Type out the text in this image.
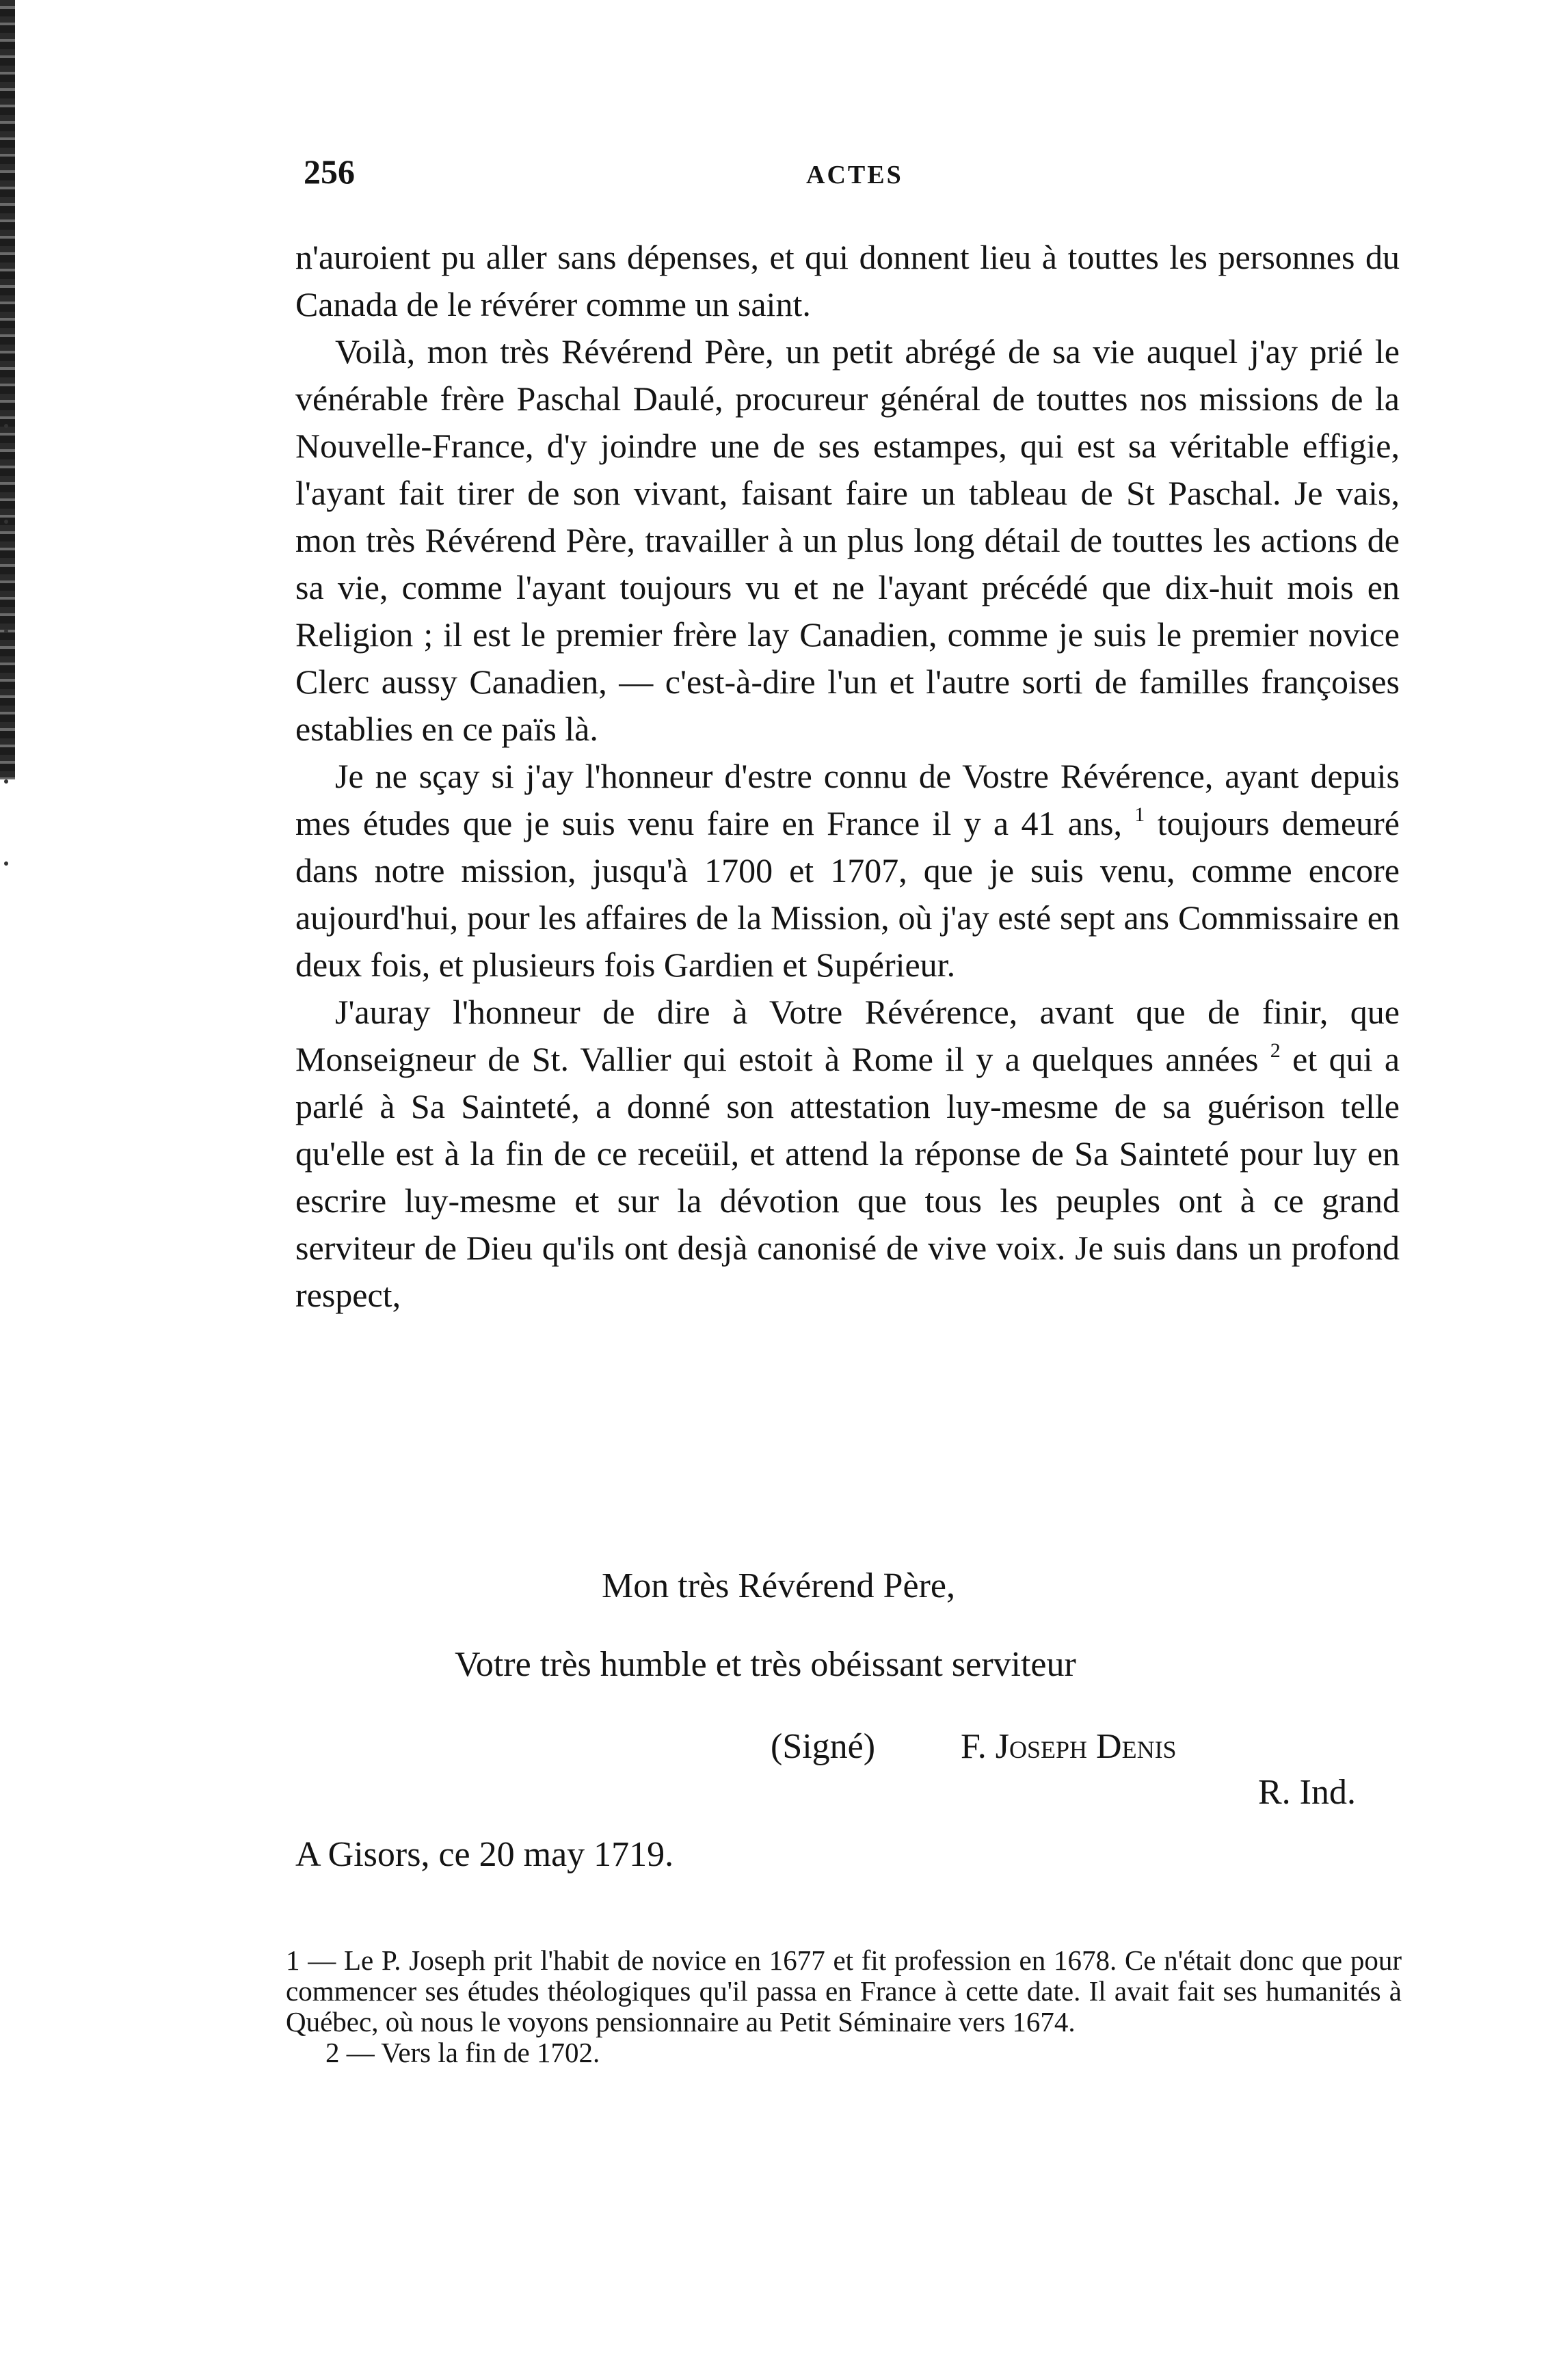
256	ACTES

n'auroient pu aller sans dépenses, et qui donnent lieu à touttes les personnes du Canada de le révérer comme un saint.

Voilà, mon très Révérend Père, un petit abrégé de sa vie auquel j'ay prié le vénérable frère Paschal Daulé, procureur général de touttes nos missions de la Nouvelle-France, d'y joindre une de ses estampes, qui est sa véritable effigie, l'ayant fait tirer de son vivant, faisant faire un tableau de St Paschal. Je vais, mon très Révérend Père, travailler à un plus long détail de touttes les actions de sa vie, comme l'ayant toujours vu et ne l'ayant précédé que dix-huit mois en Religion ; il est le premier frère lay Canadien, comme je suis le premier novice Clerc aussy Canadien, — c'est-à-dire l'un et l'autre sorti de familles françoises establies en ce païs là.

Je ne sçay si j'ay l'honneur d'estre connu de Vostre Révérence, ayant depuis mes études que je suis venu faire en France il y a 41 ans, $^1$ toujours demeuré dans notre mission, jusqu'à 1700 et 1707, que je suis venu, comme encore aujourd'hui, pour les affaires de la Mission, où j'ay esté sept ans Commissaire en deux fois, et plusieurs fois Gardien et Supérieur.

J'auray l'honneur de dire à Votre Révérence, avant que de finir, que Monseigneur de St. Vallier qui estoit à Rome il y a quelques années $^2$ et qui a parlé à Sa Sainteté, a donné son attestation luy-mesme de sa guérison telle qu'elle est à la fin de ce receüil, et attend la réponse de Sa Sainteté pour luy en escrire luy-mesme et sur la dévotion que tous les peuples ont à ce grand serviteur de Dieu qu'ils ont desjà canonisé de vive voix. Je suis dans un profond respect,

Mon très Révérend Père,
Votre très humble et très obéissant serviteur
(Signé) F. Joseph Denis
R. Ind.
A Gisors, ce 20 may 1719.

1 — Le P. Joseph prit l'habit de novice en 1677 et fit profession en 1678. Ce n'était donc que pour commencer ses études théologiques qu'il passa en France à cette date. Il avait fait ses humanités à Québec, où nous le voyons pensionnaire au Petit Séminaire vers 1674.

2 — Vers la fin de 1702.
